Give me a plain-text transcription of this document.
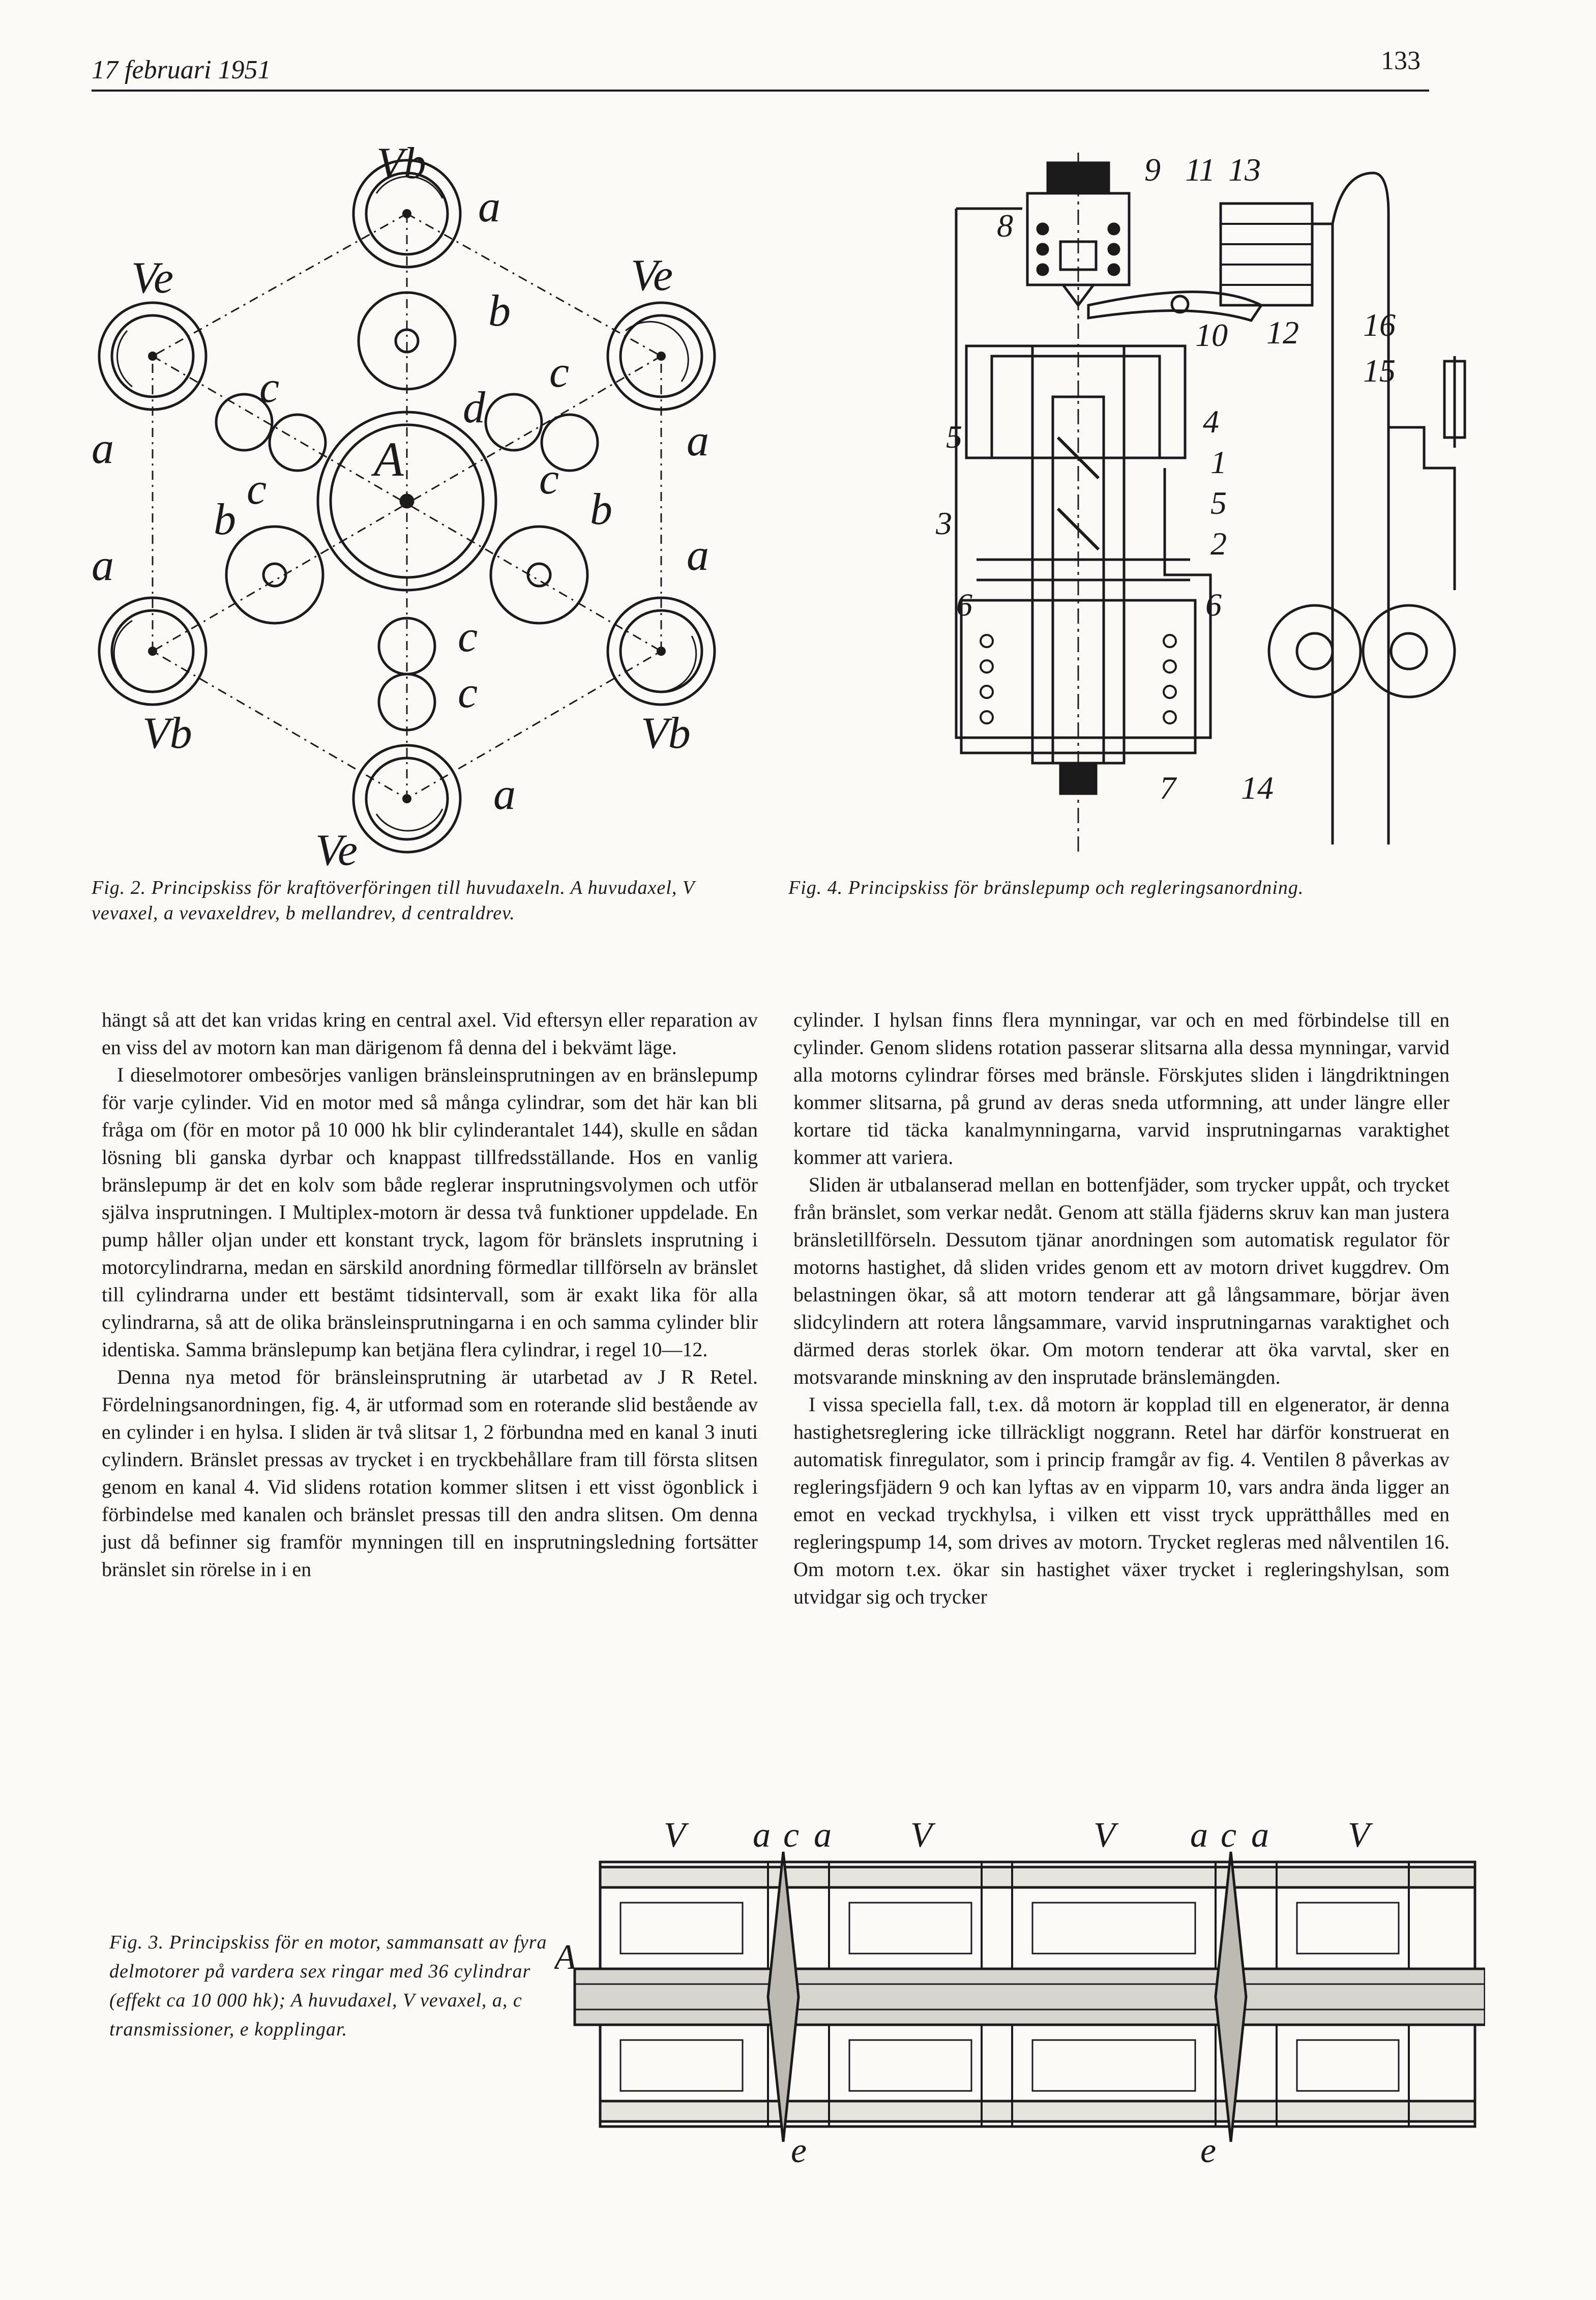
17 februari 1951	133
Vb
a
Ve	Ve
b
c	c
d
a	a
A
c	c
b	b
a	a
c
c
Vb	Vb
a
Ve
Fig. 2. Principskiss för kraftöverföringen till huvudaxeln. A huvudaxel, V vevaxel, a vevaxeldrev, b mellandrev, d centraldrev.
9 11 13
8
16
10 12
15
4
5
1
5
3
2
6	6
7 14
Fig. 4. Principskiss för bränslepump och regleringsanordning.

hängt så att det kan vridas kring en central axel. Vid eftersyn eller reparation av en viss del av motorn kan man därigenom få denna del i bekvämt läge.

I dieselmotorer ombesörjes vanligen bränsleinsprutningen av en bränslepump för varje cylinder. Vid en motor med så många cylindrar, som det här kan bli fråga om (för en motor på 10 000 hk blir cylinderantalet 144), skulle en sådan lösning bli ganska dyrbar och knappast tillfredsställande. Hos en vanlig bränslepump är det en kolv som både reglerar insprutningsvolymen och utför själva insprutningen. I Multiplex-motorn är dessa två funktioner uppdelade. En pump håller oljan under ett konstant tryck, lagom för bränslets insprutning i motorcylindrarna, medan en särskild anordning förmedlar tillförseln av bränslet till cylindrarna under ett bestämt tidsintervall, som är exakt lika för alla cylindrarna, så att de olika bränsleinsprutningarna i en och samma cylinder blir identiska. Samma bränslepump kan betjäna flera cylindrar, i regel 10—12.

Denna nya metod för bränsleinsprutning är utarbetad av J R Retel. Fördelningsanordningen, fig. 4, är utformad som en roterande slid bestående av en cylinder i en hylsa. I sliden är två slitsar 1, 2 förbundna med en kanal 3 inuti cylindern. Bränslet pressas av trycket i en tryckbehållare fram till första slitsen genom en kanal 4. Vid slidens rotation kommer slitsen i ett visst ögonblick i förbindelse med kanalen och bränslet pressas till den andra slitsen. Om denna just då befinner sig framför mynningen till en insprutningsledning fortsätter bränslet sin rörelse in i en

cylinder. I hylsan finns flera mynningar, var och en med förbindelse till en cylinder. Genom slidens rotation passerar slitsarna alla dessa mynningar, varvid alla motorns cylindrar förses med bränsle. Förskjutes sliden i längdriktningen kommer slitsarna, på grund av deras sneda utformning, att under längre eller kortare tid täcka kanalmynningarna, varvid insprutningarnas varaktighet kommer att variera.

Sliden är utbalanserad mellan en bottenfjäder, som trycker uppåt, och trycket från bränslet, som verkar nedåt. Genom att ställa fjäderns skruv kan man justera bränsletillförseln. Dessutom tjänar anordningen som automatisk regulator för motorns hastighet, då sliden vrides genom ett av motorn drivet kuggdrev. Om belastningen ökar, så att motorn tenderar att gå långsammare, börjar även slidcylindern att rotera långsammare, varvid insprutningarnas varaktighet och därmed deras storlek ökar. Om motorn tenderar att öka varvtal, sker en motsvarande minskning av den insprutade bränslemängden.

I vissa speciella fall, t.ex. då motorn är kopplad till en elgenerator, är denna hastighetsreglering icke tillräckligt noggrann. Retel har därför konstruerat en automatisk finregulator, som i princip framgår av fig. 4. Ventilen 8 påverkas av regleringsfjädern 9 och kan lyftas av en vipparm 10, vars andra ända ligger an emot en veckad tryckhylsa, i vilken ett visst tryck upprätthålles med en regleringspump 14, som drives av motorn. Trycket regleras med nålventilen 16. Om motorn t.ex. ökar sin hastighet växer trycket i regleringshylsan, som utvidgar sig och trycker

V a c a V	V a c a V
A
e	e
Fig. 3. Principskiss för en motor, sammansatt av fyra delmotorer på vardera sex ringar med 36 cylindrar (effekt ca 10 000 hk); A huvudaxel, V vevaxel, a, c transmissioner, e kopplingar.
